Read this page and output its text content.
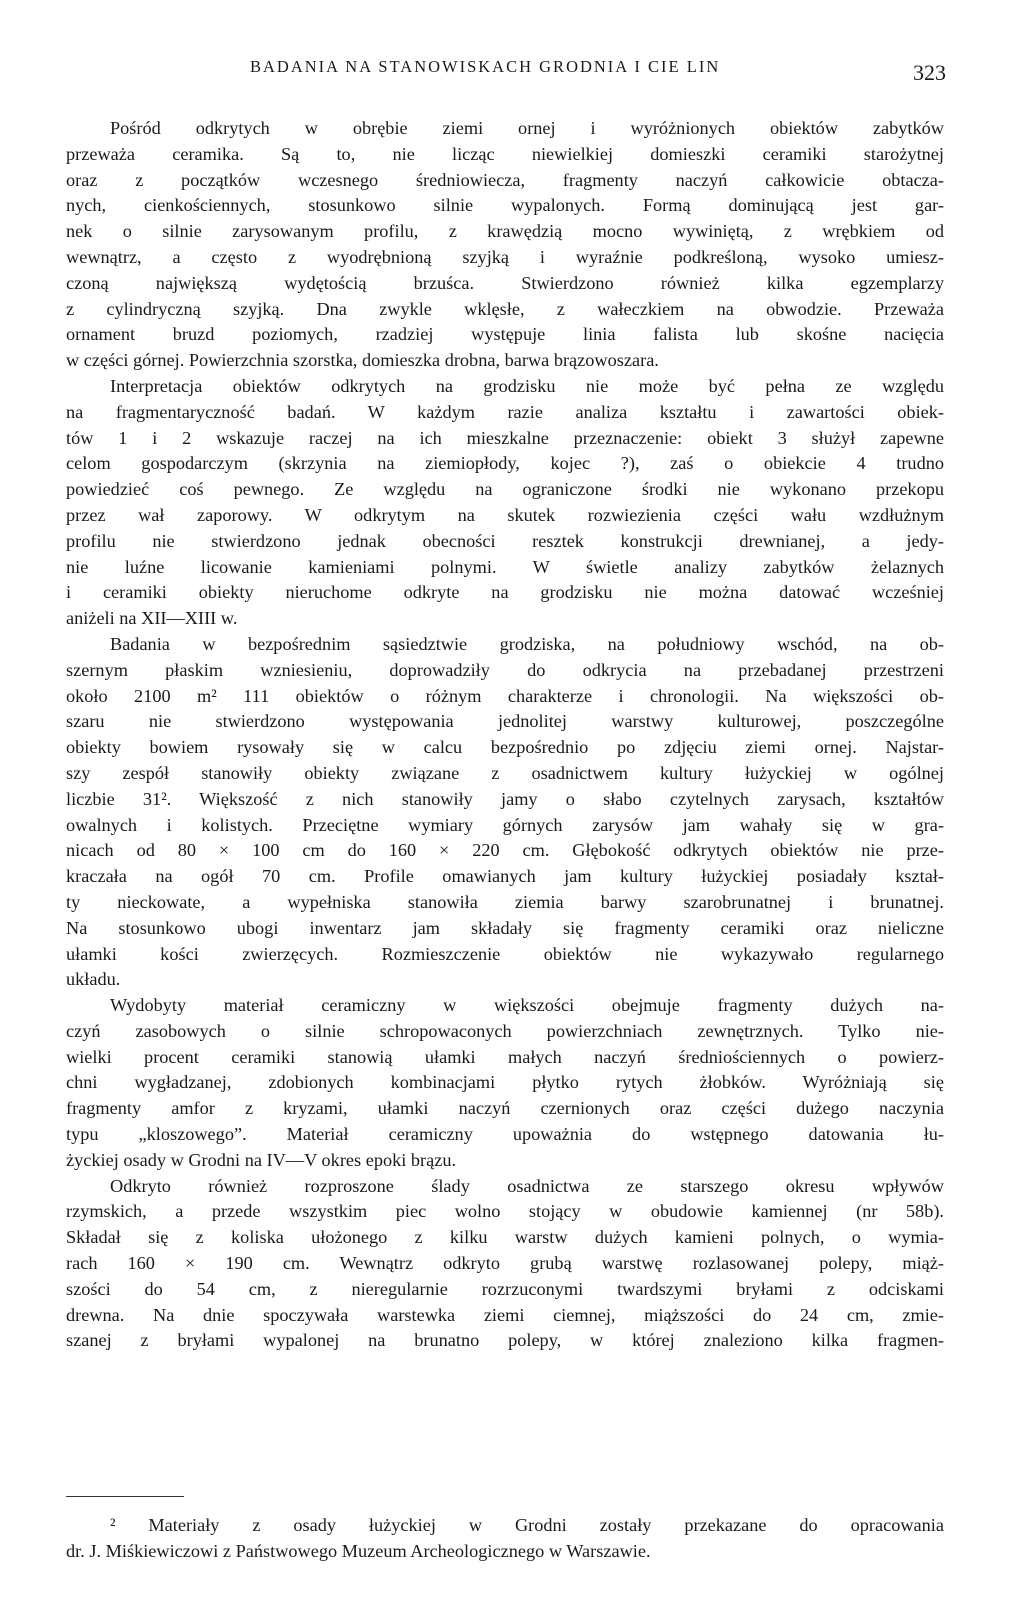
BADANIA NA STANOWISKACH GRODNIA I CIE LIN	323
Pośród odkrytych w obrębie ziemi ornej i wyróżnionych obiektów zabytków
przeważa ceramika. Są to, nie licząc niewielkiej domieszki ceramiki starożytnej
oraz z początków wczesnego średniowiecza, fragmenty naczyń całkowicie obtacza-
nych, cienkościennych, stosunkowo silnie wypalonych. Formą dominującą jest gar-
nek o silnie zarysowanym profilu, z krawędzią mocno wywiniętą, z wrębkiem od
wewnątrz, a często z wyodrębnioną szyjką i wyraźnie podkreśloną, wysoko umiesz-
czoną największą wydętością brzuśca. Stwierdzono również kilka egzemplarzy
z cylindryczną szyjką. Dna zwykle wklęsłe, z wałeczkiem na obwodzie. Przeważa
ornament bruzd poziomych, rzadziej występuje linia falista lub skośne nacięcia
w części górnej. Powierzchnia szorstka, domieszka drobna, barwa brązowoszara.
Interpretacja obiektów odkrytych na grodzisku nie może być pełna ze względu
na fragmentaryczność badań. W każdym razie analiza kształtu i zawartości obiek-
tów 1 i 2 wskazuje raczej na ich mieszkalne przeznaczenie: obiekt 3 służył zapewne
celom gospodarczym (skrzynia na ziemiopłody, kojec ?), zaś o obiekcie 4 trudno
powiedzieć coś pewnego. Ze względu na ograniczone środki nie wykonano przekopu
przez wał zaporowy. W odkrytym na skutek rozwiezienia części wału wzdłużnym
profilu nie stwierdzono jednak obecności resztek konstrukcji drewnianej, a jedy-
nie luźne licowanie kamieniami polnymi. W świetle analizy zabytków żelaznych
i ceramiki obiekty nieruchome odkryte na grodzisku nie można datować wcześniej
aniżeli na XII—XIII w.
Badania w bezpośrednim sąsiedztwie grodziska, na południowy wschód, na ob-
szernym płaskim wzniesieniu, doprowadziły do odkrycia na przebadanej przestrzeni
około 2100 m² 111 obiektów o różnym charakterze i chronologii. Na większości ob-
szaru nie stwierdzono występowania jednolitej warstwy kulturowej, poszczególne
obiekty bowiem rysowały się w calcu bezpośrednio po zdjęciu ziemi ornej. Najstar-
szy zespół stanowiły obiekty związane z osadnictwem kultury łużyckiej w ogólnej
liczbie 31². Większość z nich stanowiły jamy o słabo czytelnych zarysach, kształtów
owalnych i kolistych. Przeciętne wymiary górnych zarysów jam wahały się w gra-
nicach od 80 × 100 cm do 160 × 220 cm. Głębokość odkrytych obiektów nie prze-
kraczała na ogół 70 cm. Profile omawianych jam kultury łużyckiej posiadały kształ-
ty nieckowate, a wypełniska stanowiła ziemia barwy szarobrunatnej i brunatnej.
Na stosunkowo ubogi inwentarz jam składały się fragmenty ceramiki oraz nieliczne
ułamki kości zwierzęcych. Rozmieszczenie obiektów nie wykazywało regularnego
układu.
Wydobyty materiał ceramiczny w większości obejmuje fragmenty dużych na-
czyń zasobowych o silnie schropowaconych powierzchniach zewnętrznych. Tylko nie-
wielki procent ceramiki stanowią ułamki małych naczyń średniościennych o powierz-
chni wygładzanej, zdobionych kombinacjami płytko rytych żłobków. Wyróżniają się
fragmenty amfor z kryzami, ułamki naczyń czernionych oraz części dużego naczynia
typu „kloszowego”. Materiał ceramiczny upoważnia do wstępnego datowania łu-
życkiej osady w Grodni na IV—V okres epoki brązu.
Odkryto również rozproszone ślady osadnictwa ze starszego okresu wpływów
rzymskich, a przede wszystkim piec wolno stojący w obudowie kamiennej (nr 58b).
Składał się z koliska ułożonego z kilku warstw dużych kamieni polnych, o wymia-
rach 160 × 190 cm. Wewnątrz odkryto grubą warstwę rozlasowanej polepy, miąż-
szości do 54 cm, z nieregularnie rozrzuconymi twardszymi bryłami z odciskami
drewna. Na dnie spoczywała warstewka ziemi ciemnej, miąższości do 24 cm, zmie-
szanej z bryłami wypalonej na brunatno polepy, w której znaleziono kilka fragmen-
² Materiały z osady łużyckiej w Grodni zostały przekazane do opracowania
dr. J. Miśkiewiczowi z Państwowego Muzeum Archeologicznego w Warszawie.
